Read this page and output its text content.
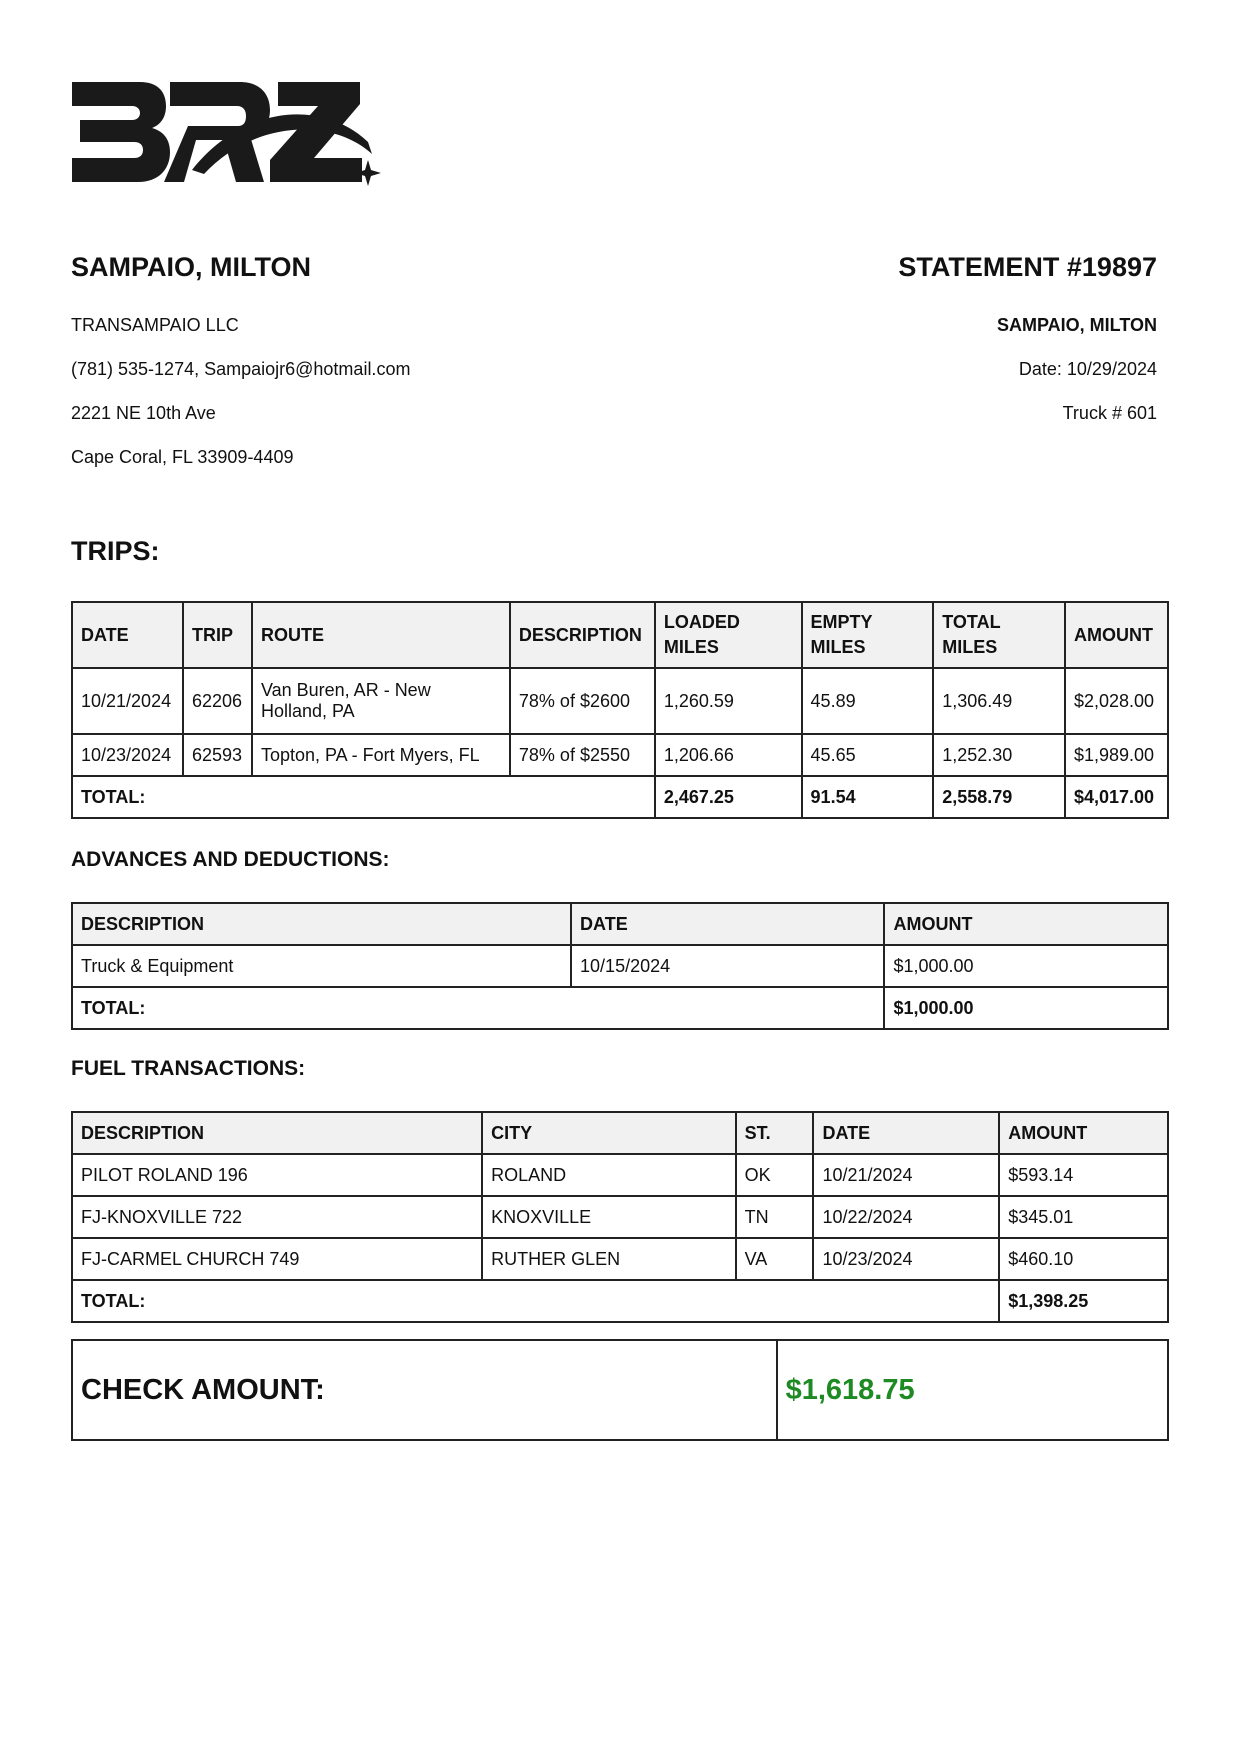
SAMPAIO, MILTON	STATEMENT #19897
TRANSAMPAIO LLC
(781) 535-1274, Sampaiojr6@hotmail.com
2221 NE 10th Ave
Cape Coral, FL 33909-4409
SAMPAIO, MILTON
Date: 10/29/2024
Truck # 601
TRIPS:
DATE	TRIP	ROUTE	DESCRIPTION	LOADED MILES	EMPTY MILES	TOTAL MILES	AMOUNT
10/21/2024	62206	Van Buren, AR - New Holland, PA	78% of $2600	1,260.59	45.89	1,306.49	$2,028.00
10/23/2024	62593	Topton, PA - Fort Myers, FL	78% of $2550	1,206.66	45.65	1,252.30	$1,989.00
TOTAL:				2,467.25	91.54	2,558.79	$4,017.00
ADVANCES AND DEDUCTIONS:
DESCRIPTION	DATE	AMOUNT
Truck & Equipment	10/15/2024	$1,000.00
TOTAL:		$1,000.00
FUEL TRANSACTIONS:
DESCRIPTION	CITY	ST.	DATE	AMOUNT
PILOT ROLAND 196	ROLAND	OK	10/21/2024	$593.14
FJ-KNOXVILLE 722	KNOXVILLE	TN	10/22/2024	$345.01
FJ-CARMEL CHURCH 749	RUTHER GLEN	VA	10/23/2024	$460.10
TOTAL:				$1,398.25
CHECK AMOUNT:	$1,618.75
